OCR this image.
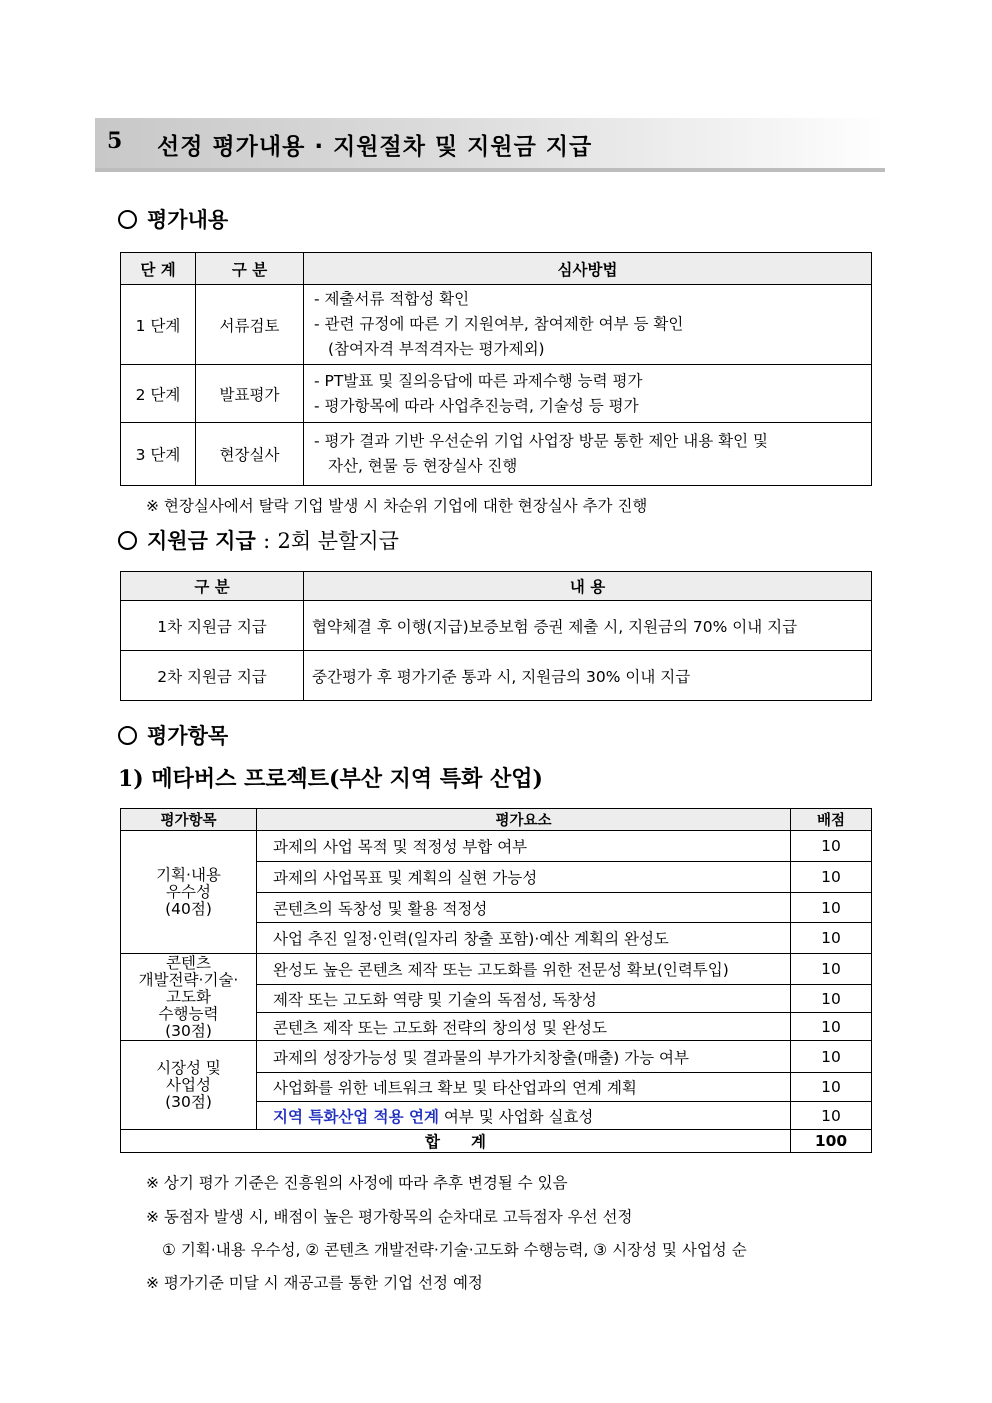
5 선정 평가내용 · 지원절차 및 지원금 지급
평가내용
단 계	구 분	심사방법
1 단계	서류검토	- 제출서류 적합성 확인
- 관련 규정에 따른 기 지원여부, 참여제한 여부 등 확인
(참여자격 부적격자는 평가제외)

2 단계	발표평가	- PT발표 및 질의응답에 따른 과제수행 능력 평가
- 평가항목에 따라 사업추진능력, 기술성 등 평가

3 단계	현장실사	- 평가 결과 기반 우선순위 기업 사업장 방문 통한 제안 내용 확인 및
자산, 현물 등 현장실사 진행
※ 현장실사에서 탈락 기업 발생 시 차순위 기업에 대한 현장실사 추가 진행
지원금 지급 : 2회 분할지급
구 분	내 용
1차 지원금 지급	협약체결 후 이행(지급)보증보험 증권 제출 시, 지원금의 70% 이내 지급
2차 지원금 지급	중간평가 후 평가기준 통과 시, 지원금의 30% 이내 지급
평가항목
1) 메타버스 프로젝트(부산 지역 특화 산업)
평가항목	평가요소	배점

기획·내용
우수성
(40점)	과제의 사업 목적 및 적정성 부합 여부	10
	과제의 사업목표 및 계획의 실현 가능성	10
	콘텐츠의 독창성 및 활용 적정성	10
	사업 추진 일정·인력(일자리 창출 포함)·예산 계획의 완성도	10

콘텐츠
개발전략·기술·
고도화
수행능력
(30점)	완성도 높은 콘텐츠 제작 또는 고도화를 위한 전문성 확보(인력투입)	10
	제작 또는 고도화 역량 및 기술의 독점성, 독창성	10
	콘텐츠 제작 또는 고도화 전략의 창의성 및 완성도	10

시장성 및
사업성
(30점)	과제의 성장가능성 및 결과물의 부가가치창출(매출) 가능 여부	10
	사업화를 위한 네트워크 확보 및 타산업과의 연계 계획	10
	지역 특화산업 적용 연계 여부 및 사업화 실효성	10
합　　계		100
※ 상기 평가 기준은 진흥원의 사정에 따라 추후 변경될 수 있음
※ 동점자 발생 시, 배점이 높은 평가항목의 순차대로 고득점자 우선 선정
① 기획·내용 우수성, ② 콘텐츠 개발전략·기술·고도화 수행능력, ③ 시장성 및 사업성 순
※ 평가기준 미달 시 재공고를 통한 기업 선정 예정
